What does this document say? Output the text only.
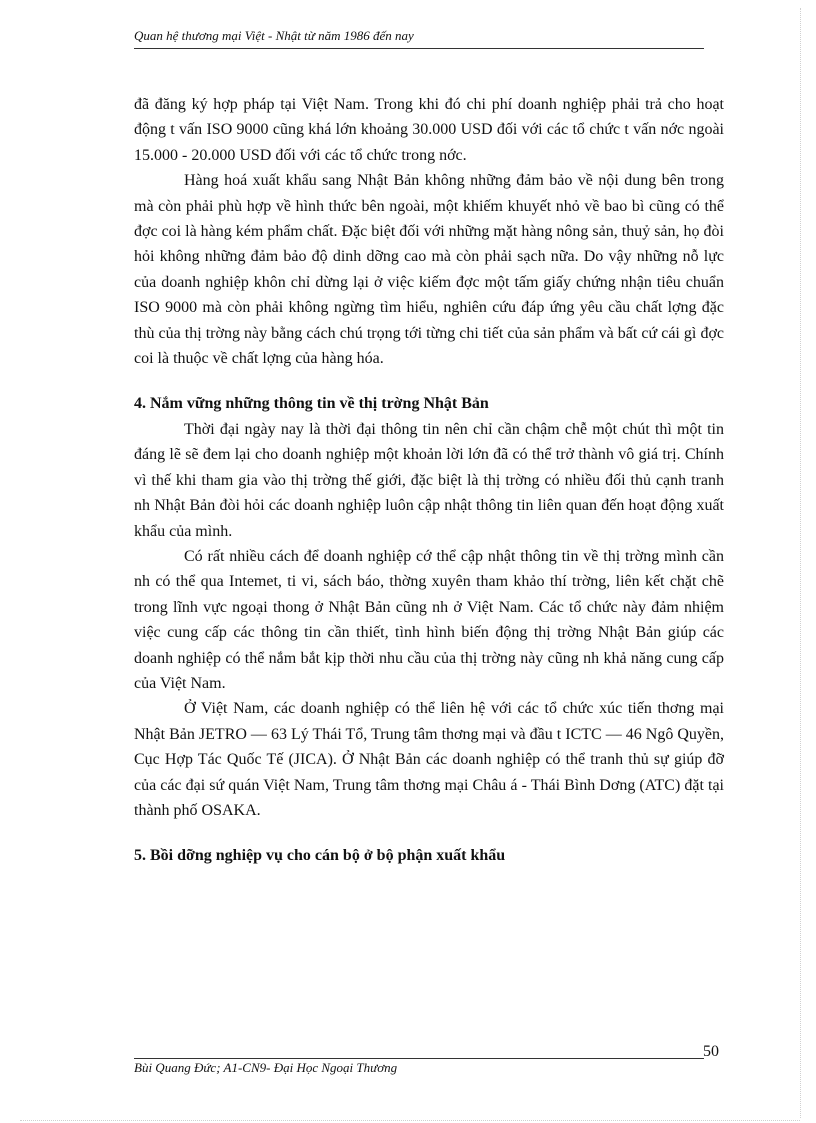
Quan hệ thương mại Việt - Nhật từ năm 1986 đến nay

đã đăng ký hợp pháp tại Việt Nam. Trong khi đó chi phí doanh nghiệp phải trả cho hoạt động t vấn ISO 9000 cũng khá lớn khoảng 30.000 USD đối với các tổ chức t vấn nớc ngoài 15.000 - 20.000 USD đối với các tổ chức trong nớc.

Hàng hoá xuất khẩu sang Nhật Bản không những đảm bảo về nội dung bên trong mà còn phải phù hợp về hình thức bên ngoài, một khiếm khuyết nhỏ về bao bì cũng có thể đợc coi là hàng kém phẩm chất. Đặc biệt đối với những mặt hàng nông sản, thuỷ sản, họ đòi hỏi không những đảm bảo độ dinh dỡng cao mà còn phải sạch nữa. Do vậy những nỗ lực của doanh nghiệp khôn chỉ dừng lại ở việc kiếm đợc một tấm giấy chứng nhận tiêu chuẩn ISO 9000 mà còn phải không ngừng tìm hiểu, nghiên cứu đáp ứng yêu cầu chất lợng đặc thù của thị trờng này bằng cách chú trọng tới từng chi tiết của sản phẩm và bất cứ cái gì đợc coi là thuộc về chất lợng của hàng hóa.

4. Nắm vững những thông tin về thị trờng Nhật Bản

Thời đại ngày nay là thời đại thông tin nên chỉ cần chậm chễ một chút thì một tin đáng lẽ sẽ đem lại cho doanh nghiệp một khoản lời lớn đã có thể trở thành vô giá trị. Chính vì thế khi tham gia vào thị trờng thế giới, đặc biệt là thị trờng có nhiều đối thủ cạnh tranh nh Nhật Bản đòi hỏi các doanh nghiệp luôn cập nhật thông tin liên quan đến hoạt động xuất khẩu của mình.

Có rất nhiều cách để doanh nghiệp cớ thể cập nhật thông tin về thị trờng mình cần nh có thể qua Intemet, ti vi, sách báo, thờng xuyên tham khảo thí trờng, liên kết chặt chẽ trong lĩnh vực ngoại thong ở Nhật Bản cũng nh ở Việt Nam. Các tổ chức này đảm nhiệm việc cung cấp các thông tin cần thiết, tình hình biến động thị trờng Nhật Bản giúp các doanh nghiệp có thể nắm bắt kịp thời nhu cầu của thị trờng này cũng nh khả năng cung cấp của Việt Nam.

Ở Việt Nam, các doanh nghiệp có thể liên hệ với các tổ chức xúc tiến thơng mại Nhật Bản JETRO — 63 Lý Thái Tổ, Trung tâm thơng mại và đầu t ICTC — 46 Ngô Quyền, Cục Hợp Tác Quốc Tế (JICA). Ở Nhật Bản các doanh nghiệp có thể tranh thủ sự giúp đỡ của các đại sứ quán Việt Nam, Trung tâm thơng mại Châu á - Thái Bình Dơng (ATC) đặt tại thành phố OSAKA.

5. Bồi dỡng nghiệp vụ cho cán bộ ở bộ phận xuất khẩu
50
Bùi Quang Đức; A1-CN9- Đại Học Ngoại Thương
